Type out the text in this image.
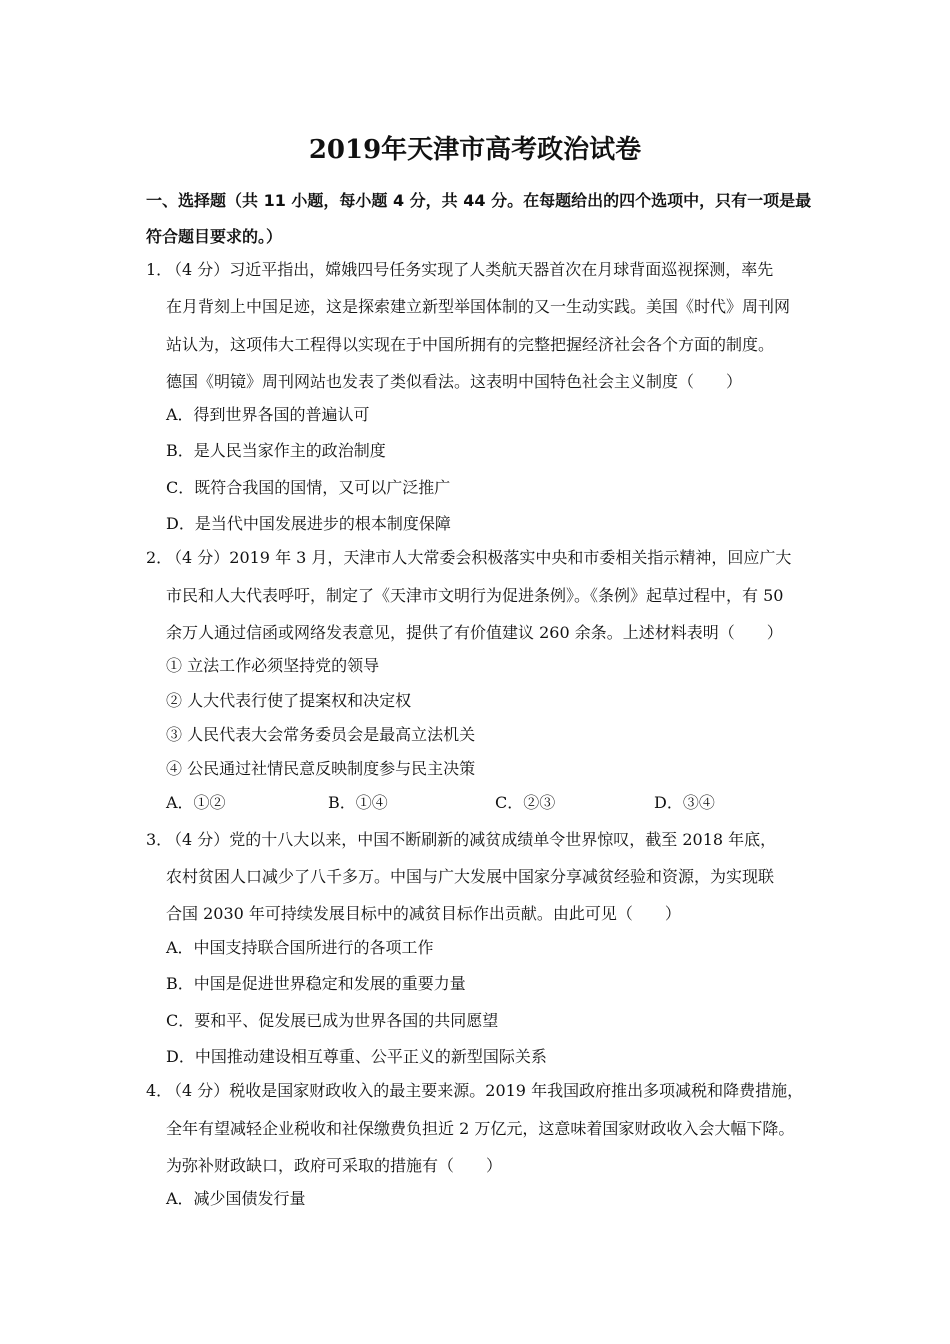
2019年天津市高考政治试卷
一、选择题（共 11 小题，每小题 4 分，共 44 分。在每题给出的四个选项中，只有一项是最符合题目要求的。）
1．
（4 分）习近平指出，嫦娥四号任务实现了人类航天器首次在月球背面巡视探测，率先
在月背刻上中国足迹，这是探索建立新型举国体制的又一生动实践。美国《时代》周刊网
站认为，这项伟大工程得以实现在于中国所拥有的完整把握经济社会各个方面的制度。
德国《明镜》周刊网站也发表了类似看法。这表明中国特色社会主义制度（　　）
A．得到世界各国的普遍认可
B．是人民当家作主的政治制度
C．既符合我国的国情，又可以广泛推广
D．是当代中国发展进步的根本制度保障
2．
（4 分）2019 年 3 月，天津市人大常委会积极落实中央和市委相关指示精神，回应广大
市民和人大代表呼吁，制定了《天津市文明行为促进条例》。《条例》起草过程中，有 50
余万人通过信函或网络发表意见，提供了有价值建议 260 余条。上述材料表明（　　）
① 立法工作必须坚持党的领导
② 人大代表行使了提案权和决定权
③ 人民代表大会常务委员会是最高立法机关
④ 公民通过社情民意反映制度参与民主决策
A．①②	B．①④	C．②③	D．③④
3．
（4 分）党的十八大以来，中国不断刷新的减贫成绩单令世界惊叹，截至 2018 年底，
农村贫困人口减少了八千多万。中国与广大发展中国家分享减贫经验和资源，为实现联
合国 2030 年可持续发展目标中的减贫目标作出贡献。由此可见（　　）
A．中国支持联合国所进行的各项工作
B．中国是促进世界稳定和发展的重要力量
C．要和平、促发展已成为世界各国的共同愿望
D．中国推动建设相互尊重、公平正义的新型国际关系
4．
（4 分）税收是国家财政收入的最主要来源。2019 年我国政府推出多项减税和降费措施，
全年有望减轻企业税收和社保缴费负担近 2 万亿元，这意味着国家财政收入会大幅下降。
为弥补财政缺口，政府可采取的措施有（　　）
A．减少国债发行量
